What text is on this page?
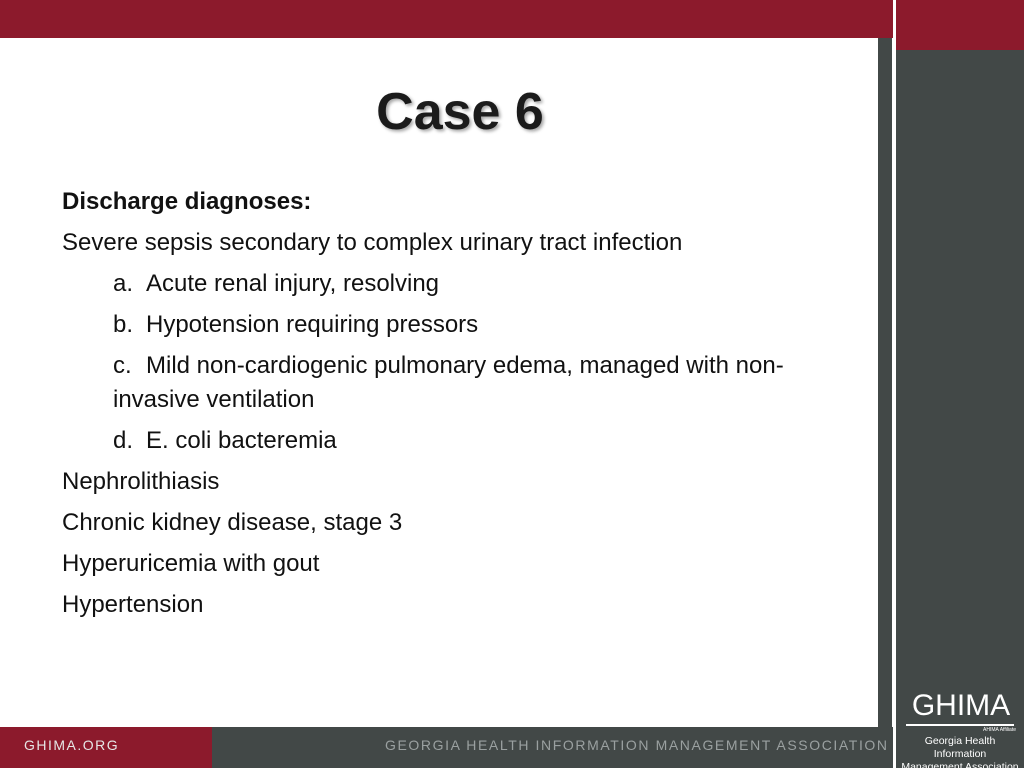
Case 6
Discharge diagnoses:
Severe sepsis secondary to complex urinary tract infection
a. Acute renal injury, resolving
b. Hypotension requiring pressors
c. Mild non-cardiogenic pulmonary edema, managed with non-
invasive ventilation
d. E. coli bacteremia
Nephrolithiasis
Chronic kidney disease, stage 3
Hyperuricemia with gout
Hypertension
GHIMA.ORG	GEORGIA HEALTH INFORMATION MANAGEMENT ASSOCIATION
GHIMA
AHIMA Affiliate
Georgia Health Information
Management Association
